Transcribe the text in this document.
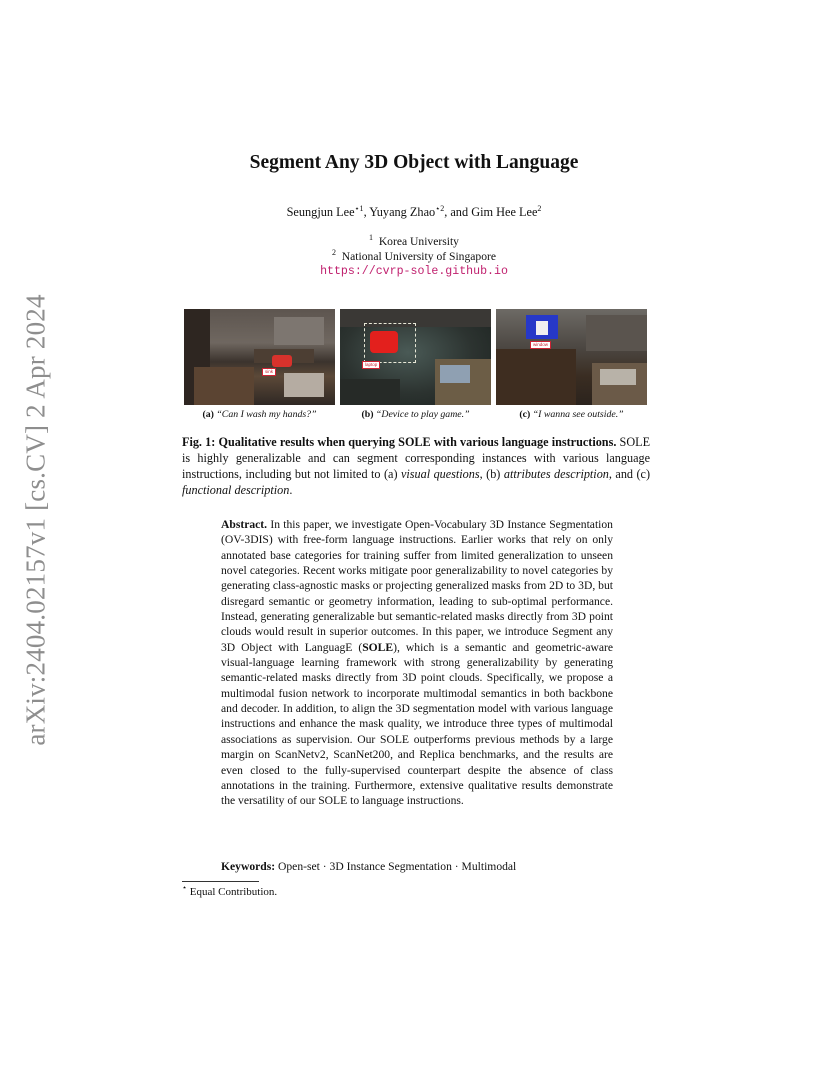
arXiv:2404.02157v1 [cs.CV] 2 Apr 2024
Segment Any 3D Object with Language
Seungjun Lee$^{⋆1}$, Yuyang Zhao$^{⋆2}$, and Gim Hee Lee$^2$
$^1$ Korea University
$^2$ National University of Singapore
https://cvrp-sole.github.io
sink
laptop
window
(a) “Can I wash my hands?”	(b) “Device to play game.”	(c) “I wanna see outside.”
Fig. 1: Qualitative results when querying SOLE with various language instructions. SOLE is highly generalizable and can segment corresponding instances with various language instructions, including but not limited to (a) visual questions, (b) attributes description, and (c) functional description.
Abstract. In this paper, we investigate Open-Vocabulary 3D Instance Segmentation (OV-3DIS) with free-form language instructions. Earlier works that rely on only annotated base categories for training suffer from limited generalization to unseen novel categories. Recent works mitigate poor generalizability to novel categories by generating class-agnostic masks or projecting generalized masks from 2D to 3D, but disregard semantic or geometry information, leading to sub-optimal performance. Instead, generating generalizable but semantic-related masks directly from 3D point clouds would result in superior outcomes. In this paper, we introduce Segment any 3D Object with LanguagE (SOLE), which is a semantic and geometric-aware visual-language learning framework with strong generalizability by generating semantic-related masks directly from 3D point clouds. Specifically, we propose a multimodal fusion network to incorporate multimodal semantics in both backbone and decoder. In addition, to align the 3D segmentation model with various language instructions and enhance the mask quality, we introduce three types of multimodal associations as supervision. Our SOLE outperforms previous methods by a large margin on ScanNetv2, ScanNet200, and Replica benchmarks, and the results are even closed to the fully-supervised counterpart despite the absence of class annotations in the training. Furthermore, extensive qualitative results demonstrate the versatility of our SOLE to language instructions.
Keywords: Open-set · 3D Instance Segmentation · Multimodal
⋆ Equal Contribution.
